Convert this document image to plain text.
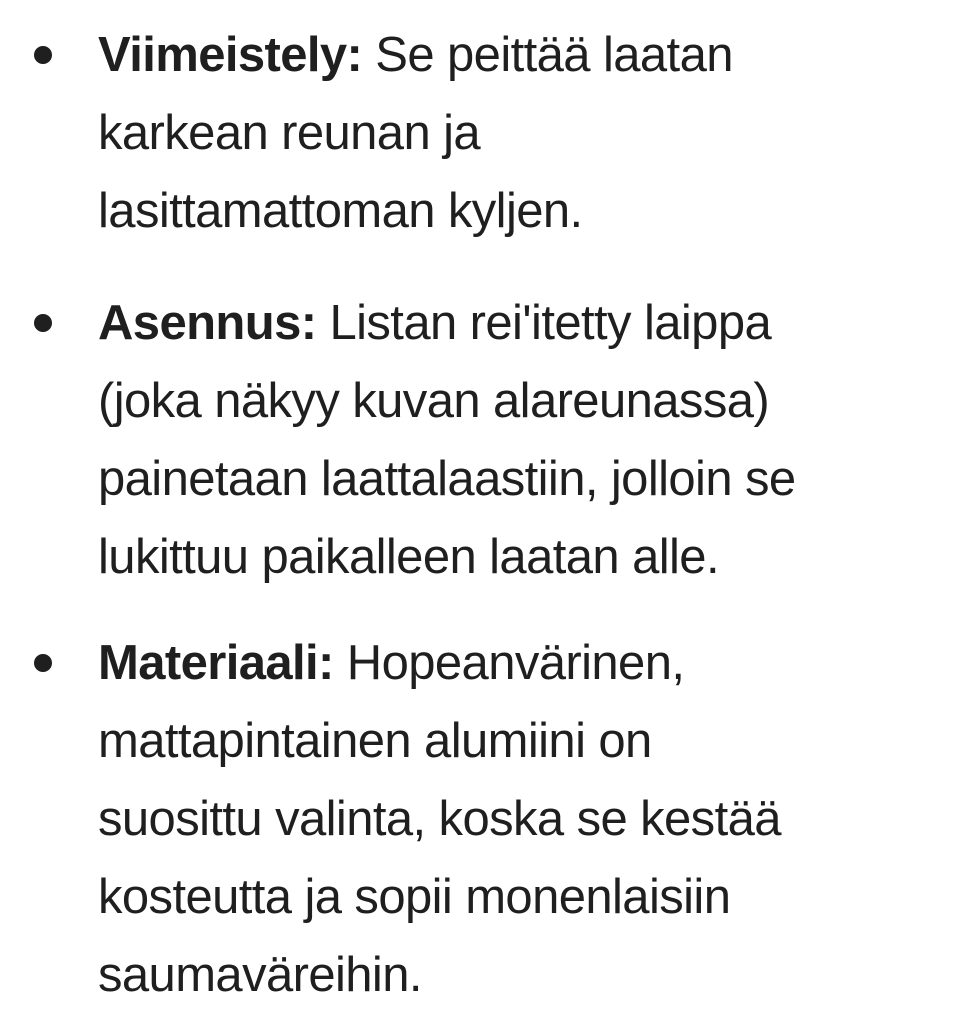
Viimeistely: Se peittää laatan
karkean reunan ja
lasittamattoman kyljen.

Asennus: Listan rei'itetty laippa
(joka näkyy kuvan alareunassa)
painetaan laattalaastiin, jolloin se
lukittuu paikalleen laatan alle.

Materiaali: Hopeanvärinen,
mattapintainen alumiini on
suosittu valinta, koska se kestää
kosteutta ja sopii monenlaisiin
saumaväreihin.
